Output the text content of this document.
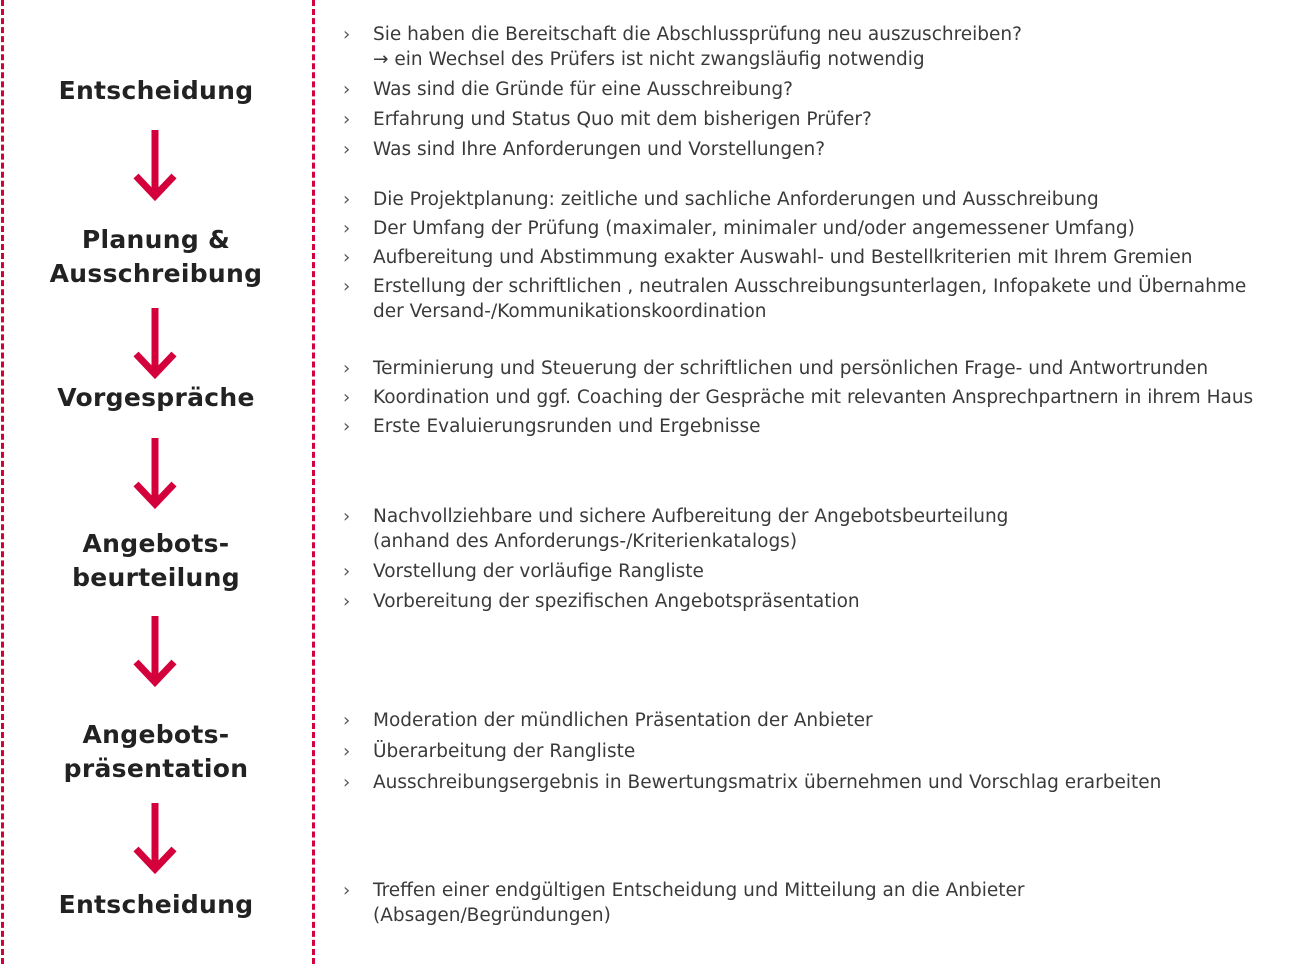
Entscheidung
Planung &
Ausschreibung
Vorgespräche
Angebots-
beurteilung
Angebots-
präsentation
Entscheidung
› Sie haben die Bereitschaft die Abschlussprüfung neu auszuschreiben?
→ ein Wechsel des Prüfers ist nicht zwangsläufig notwendig
› Was sind die Gründe für eine Ausschreibung?
› Erfahrung und Status Quo mit dem bisherigen Prüfer?
› Was sind Ihre Anforderungen und Vorstellungen?
› Die Projektplanung: zeitliche und sachliche Anforderungen und Ausschreibung
› Der Umfang der Prüfung (maximaler, minimaler und/oder angemessener Umfang)
› Aufbereitung und Abstimmung exakter Auswahl- und Bestellkriterien mit Ihrem Gremien
› Erstellung der schriftlichen , neutralen Ausschreibungsunterlagen, Infopakete und Übernahme
der Versand-/Kommunikationskoordination
› Terminierung und Steuerung der schriftlichen und persönlichen Frage- und Antwortrunden
› Koordination und ggf. Coaching der Gespräche mit relevanten Ansprechpartnern in ihrem Haus
› Erste Evaluierungsrunden und Ergebnisse
› Nachvollziehbare und sichere Aufbereitung der Angebotsbeurteilung
(anhand des Anforderungs-/Kriterienkatalogs)
› Vorstellung der vorläufige Rangliste
› Vorbereitung der spezifischen Angebotspräsentation
› Moderation der mündlichen Präsentation der Anbieter
› Überarbeitung der Rangliste
› Ausschreibungsergebnis in Bewertungsmatrix übernehmen und Vorschlag erarbeiten
› Treffen einer endgültigen Entscheidung und Mitteilung an die Anbieter
(Absagen/Begründungen)
